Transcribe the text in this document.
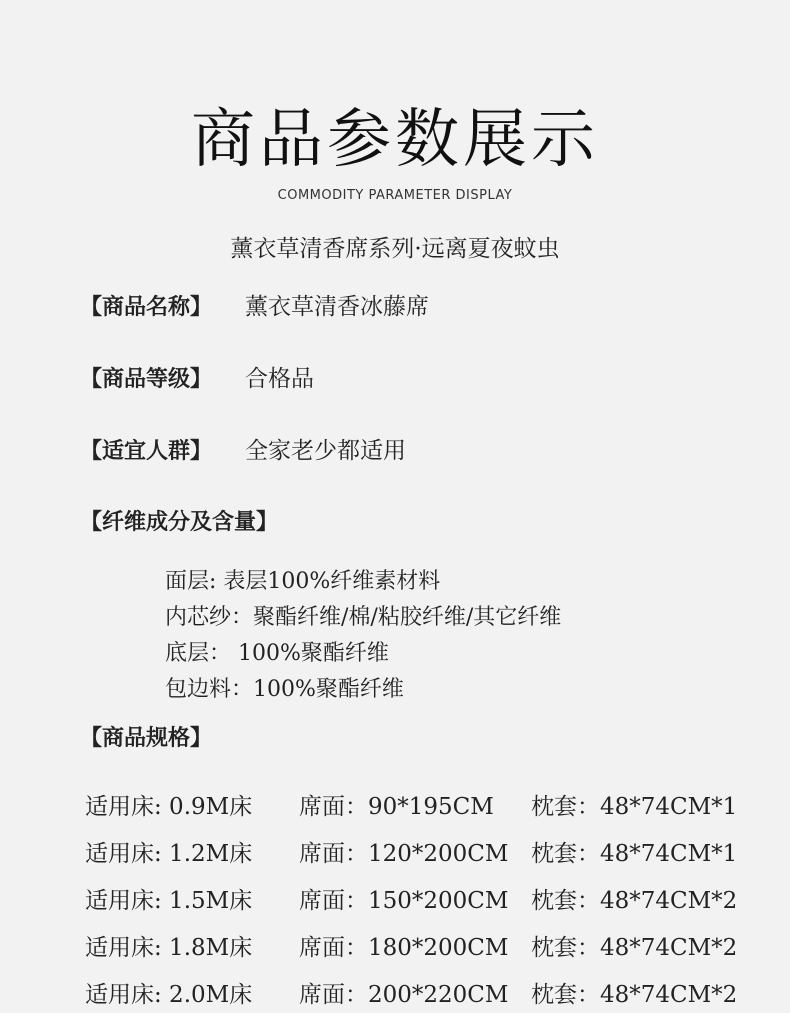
商品参数展示
COMMODITY PARAMETER DISPLAY
薰衣草清香席系列·远离夏夜蚊虫
【商品名称】 薰衣草清香冰藤席
【商品等级】 合格品
【适宜人群】 全家老少都适用
【纤维成分及含量】
面层: 表层100%纤维素材料
内芯纱：聚酯纤维/棉/粘胶纤维/其它纤维
底层： 100%聚酯纤维
包边料：100%聚酯纤维
【商品规格】
适用床: 0.9M床 席面：90*195CM 枕套：48*74CM*1
适用床: 1.2M床 席面：120*200CM 枕套：48*74CM*1
适用床: 1.5M床 席面：150*200CM 枕套：48*74CM*2
适用床: 1.8M床 席面：180*200CM 枕套：48*74CM*2
适用床: 2.0M床 席面：200*220CM 枕套：48*74CM*2
